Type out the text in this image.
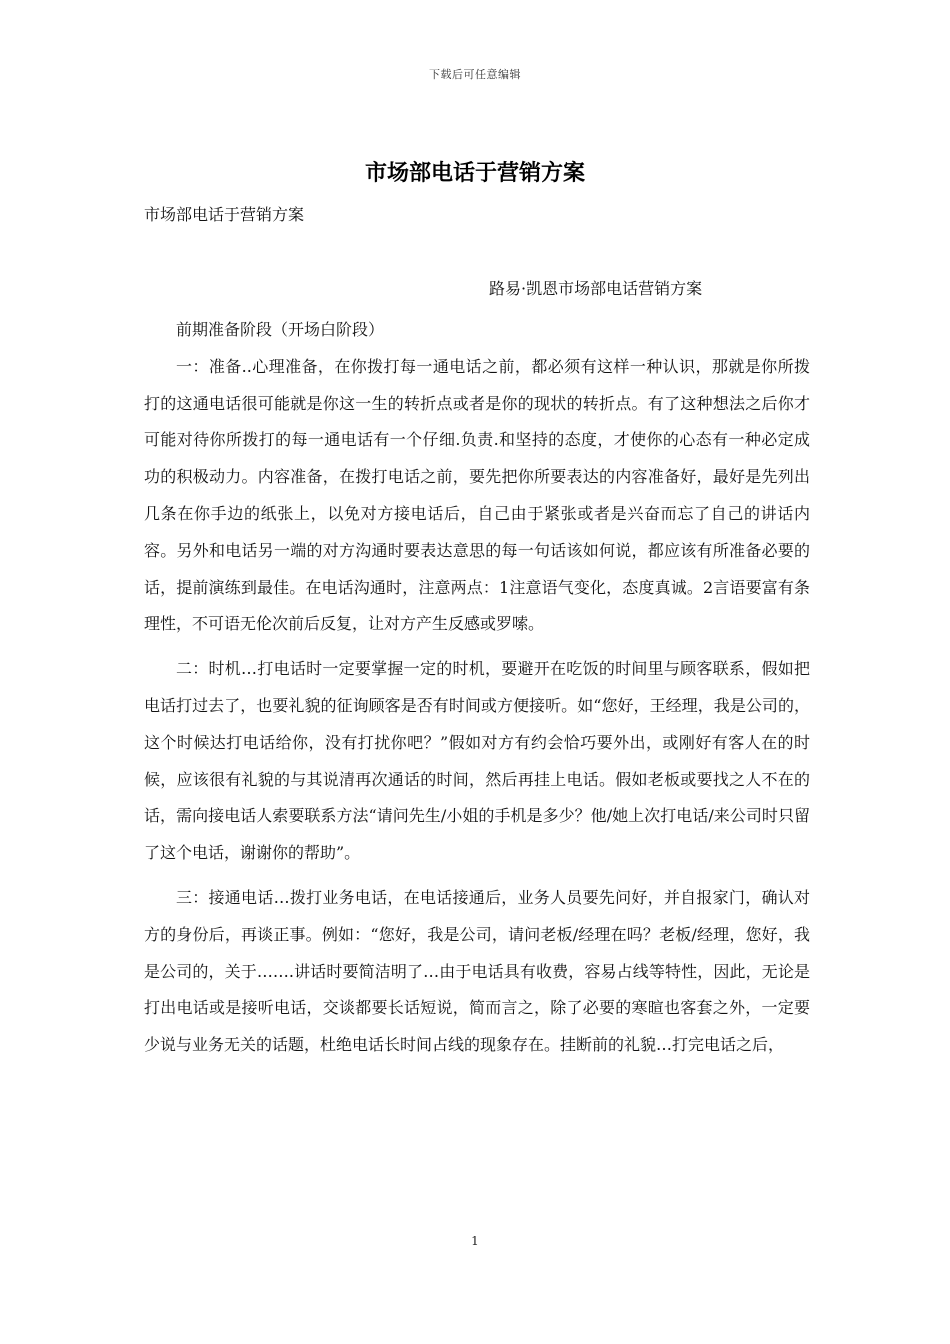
下载后可任意编辑
市场部电话于营销方案
市场部电话于营销方案
路易·凯恩市场部电话营销方案

前期准备阶段（开场白阶段）

一：准备..心理准备，在你拨打每一通电话之前，都必须有这样一种认识，那就是你所拨打的这通电话很可能就是你这一生的转折点或者是你的现状的转折点。有了这种想法之后你才可能对待你所拨打的每一通电话有一个仔细.负责.和坚持的态度，才使你的心态有一种必定成功的积极动力。内容准备，在拨打电话之前，要先把你所要表达的内容准备好，最好是先列出几条在你手边的纸张上，以免对方接电话后，自己由于紧张或者是兴奋而忘了自己的讲话内容。另外和电话另一端的对方沟通时要表达意思的每一句话该如何说，都应该有所准备必要的话，提前演练到最佳。在电话沟通时，注意两点：1注意语气变化，态度真诚。2言语要富有条理性，不可语无伦次前后反复，让对方产生反感或罗嗦。

二：时机…打电话时一定要掌握一定的时机，要避开在吃饭的时间里与顾客联系，假如把电话打过去了，也要礼貌的征询顾客是否有时间或方便接听。如“您好，王经理，我是公司的，这个时候达打电话给你，没有打扰你吧？”假如对方有约会恰巧要外出，或刚好有客人在的时候，应该很有礼貌的与其说清再次通话的时间，然后再挂上电话。假如老板或要找之人不在的话，需向接电话人索要联系方法“请问先生/小姐的手机是多少？他/她上次打电话/来公司时只留了这个电话，谢谢你的帮助”。

三：接通电话…拨打业务电话，在电话接通后，业务人员要先问好，并自报家门，确认对方的身份后，再谈正事。例如：“您好，我是公司，请问老板/经理在吗？老板/经理，您好，我是公司的，关于…….讲话时要简洁明了…由于电话具有收费，容易占线等特性，因此，无论是打出电话或是接听电话，交谈都要长话短说，简而言之，除了必要的寒暄也客套之外，一定要少说与业务无关的话题，杜绝电话长时间占线的现象存在。挂断前的礼貌…打完电话之后，

1
